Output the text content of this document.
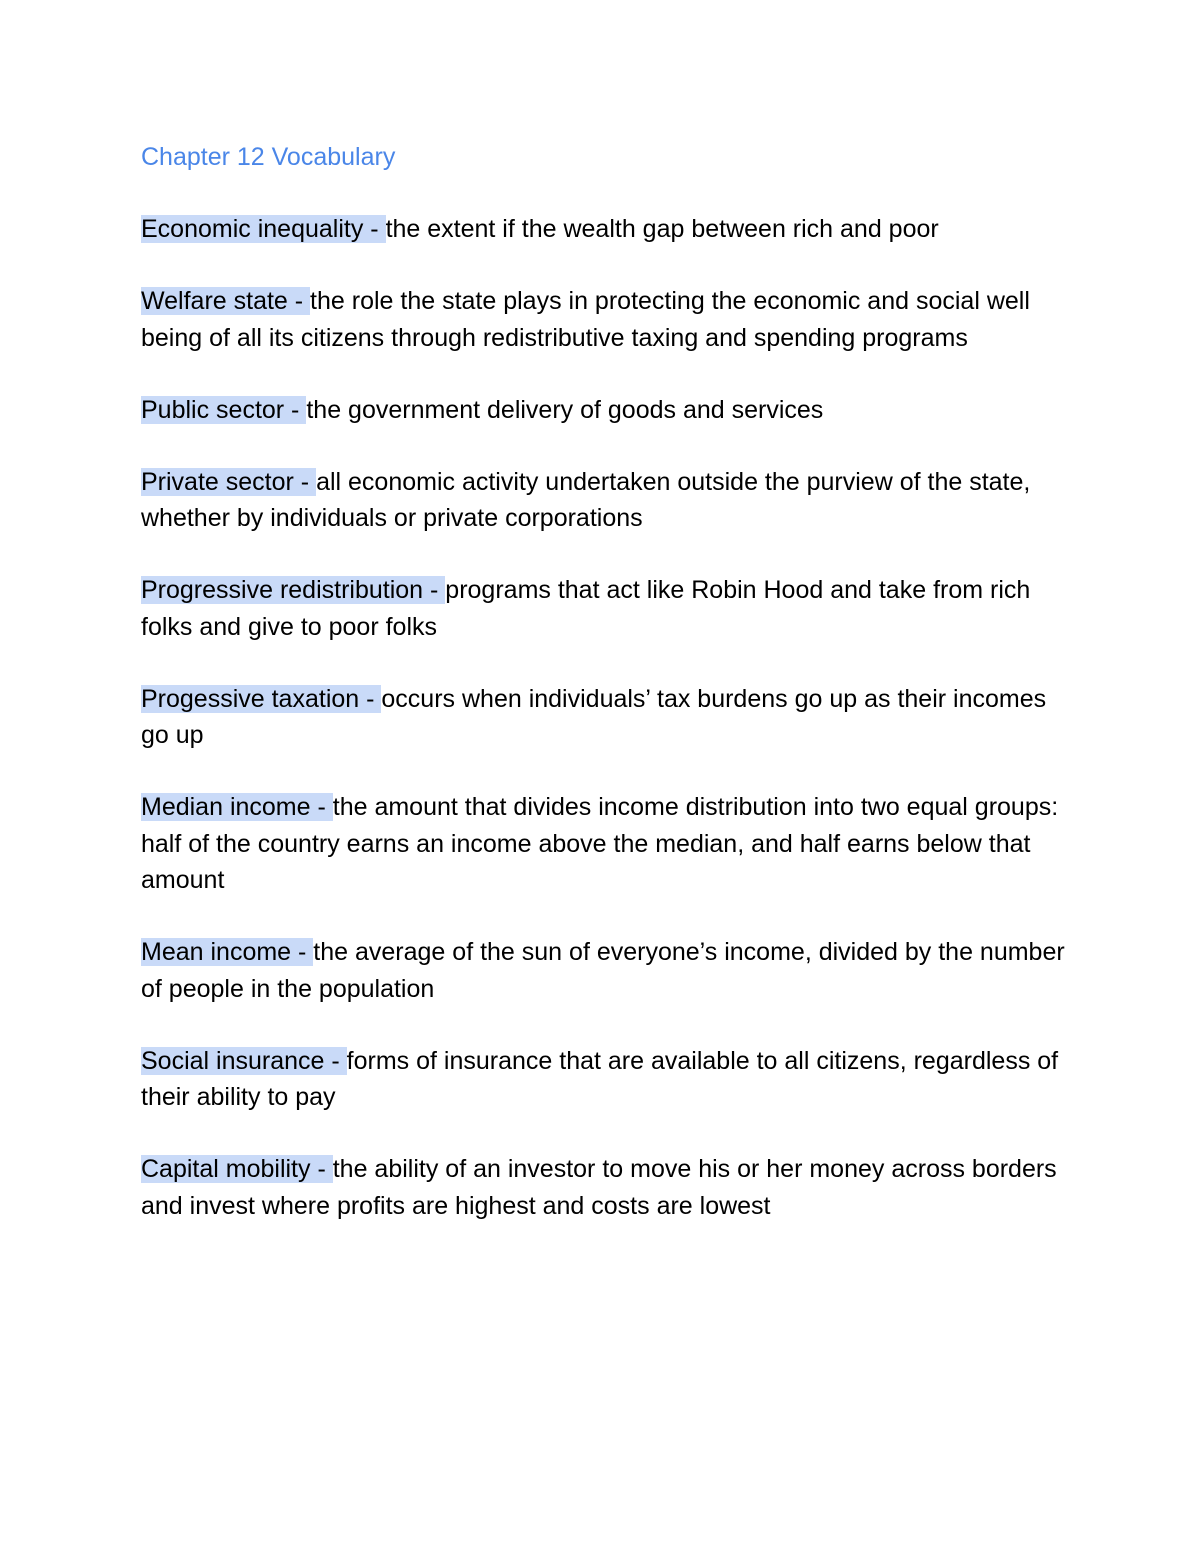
Chapter 12 Vocabulary

Economic inequality - the extent if the wealth gap between rich and poor

Welfare state - the role the state plays in protecting the economic and social well being of all its citizens through redistributive taxing and spending programs

Public sector - the government delivery of goods and services

Private sector - all economic activity undertaken outside the purview of the state, whether by individuals or private corporations

Progressive redistribution - programs that act like Robin Hood and take from rich folks and give to poor folks

Progessive taxation - occurs when individuals’ tax burdens go up as their incomes go up

Median income - the amount that divides income distribution into two equal groups: half of the country earns an income above the median, and half earns below that amount

Mean income - the average of the sun of everyone’s income, divided by the number of people in the population

Social insurance - forms of insurance that are available to all citizens, regardless of their ability to pay

Capital mobility - the ability of an investor to move his or her money across borders and invest where profits are highest and costs are lowest
